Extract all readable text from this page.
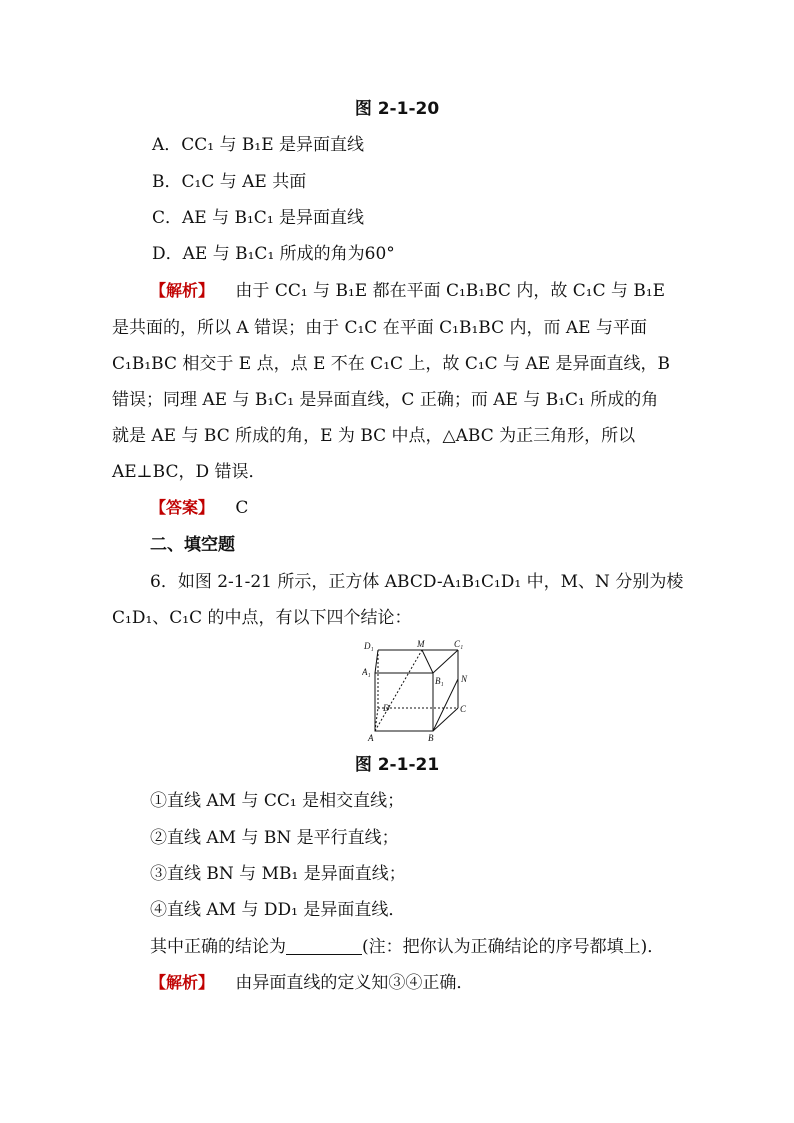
图 2-1-20
A．CC₁ 与 B₁E 是异面直线
B．C₁C 与 AE 共面
C．AE 与 B₁C₁ 是异面直线
D．AE 与 B₁C₁ 所成的角为60°
【解析】 由于 CC₁ 与 B₁E 都在平面 C₁B₁BC 内，故 C₁C 与 B₁E
是共面的，所以 A 错误；由于 C₁C 在平面 C₁B₁BC 内，而 AE 与平面
C₁B₁BC 相交于 E 点，点 E 不在 C₁C 上，故 C₁C 与 AE 是异面直线，B
错误；同理 AE 与 B₁C₁ 是异面直线，C 正确；而 AE 与 B₁C₁ 所成的角
就是 AE 与 BC 所成的角，E 为 BC 中点，△ABC 为正三角形，所以
AE⊥BC，D 错误．
【答案】 C
二、填空题
6．如图 2-1-21 所示，正方体 ABCD-A₁B₁C₁D₁ 中，M、N 分别为棱
C₁D₁、C₁C 的中点，有以下四个结论：
D₁	M	C₁
A₁
B₁ N
D	C
A	B
图 2-1-21
①直线 AM 与 CC₁ 是相交直线；
②直线 AM 与 BN 是平行直线；
③直线 BN 与 MB₁ 是异面直线；
④直线 AM 与 DD₁ 是异面直线．
其中正确的结论为	(注：把你认为正确结论的序号都填上)．
【解析】 由异面直线的定义知③④正确．
